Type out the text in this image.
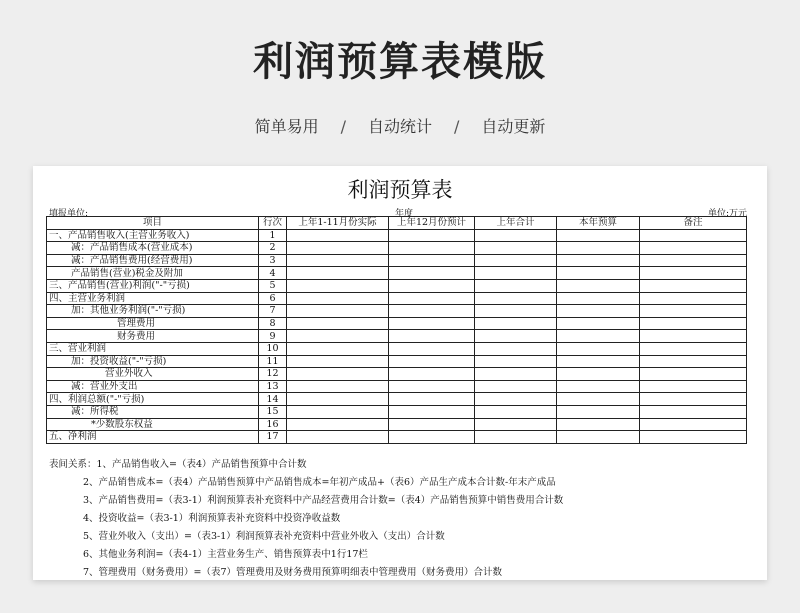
利润预算表模版
简单易用 / 自动统计 / 自动更新
利润预算表
填报单位:	年度	单位:万元
项目	行次	上年1-11月份实际	上年12月份预计	上年合计	本年预算	备注
一、产品销售收入(主营业务收入)	1					
减：产品销售成本(营业成本)	2					
减：产品销售费用(经营费用)	3					
产品销售(营业)税金及附加	4					
三、产品销售(营业)利润("-"亏损)	5					
四、主营业务利润	6					
加：其他业务利润("-"亏损)	7					
管理费用	8					
财务费用	9					
三、营业利润	10					
加：投资收益("-"亏损)	11					
营业外收入	12					
减：营业外支出	13					
四、利润总额("-"亏损)	14					
减：所得税	15					
*少数股东权益	16					
五、净利润	17					
表间关系：1、产品销售收入=（表4）产品销售预算中合计数
2、产品销售成本=（表4）产品销售预算中产品销售成本=年初产成品+（表6）产品生产成本合计数-年末产成品
3、产品销售费用=（表3-1）利润预算表补充资料中产品经营费用合计数=（表4）产品销售预算中销售费用合计数
4、投资收益=（表3-1）利润预算表补充资料中投资净收益数
5、营业外收入（支出）=（表3-1）利润预算表补充资料中营业外收入（支出）合计数
6、其他业务利润=（表4-1）主营业务生产、销售预算表中1行17栏
7、管理费用（财务费用）=（表7）管理费用及财务费用预算明细表中管理费用（财务费用）合计数
